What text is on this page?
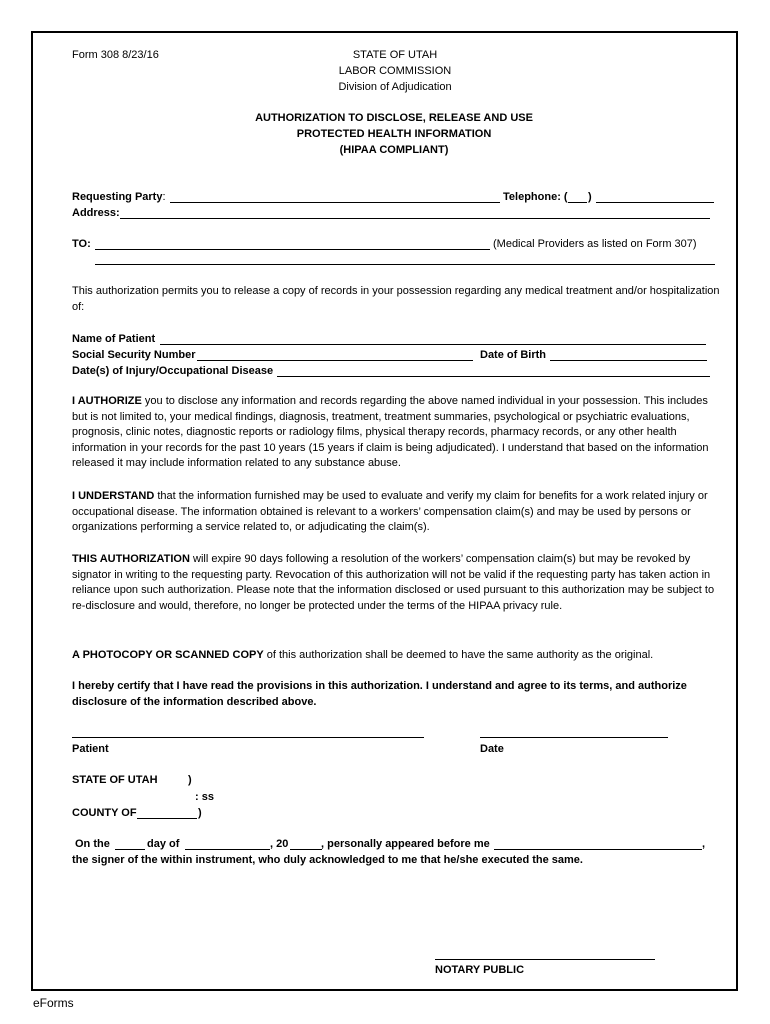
Form 308 8/23/16	STATE OF UTAH
LABOR COMMISSION
Division of Adjudication
AUTHORIZATION TO DISCLOSE, RELEASE AND USE
PROTECTED HEALTH INFORMATION
(HIPAA COMPLIANT)
Requesting Party:	Telephone: ( )
Address:
TO:	(Medical Providers as listed on Form 307)
This authorization permits you to release a copy of records in your possession regarding any medical treatment and/or hospitalization of:
Name of Patient
Social Security Number	Date of Birth
Date(s) of Injury/Occupational Disease
I AUTHORIZE you to disclose any information and records regarding the above named individual in your possession. This includes but is not limited to, your medical findings, diagnosis, treatment, treatment summaries, psychological or psychiatric evaluations, prognosis, clinic notes, diagnostic reports or radiology films, physical therapy records, pharmacy records, or any other health information in your records for the past 10 years (15 years if claim is being adjudicated). I understand that based on the information released it may include information related to any substance abuse.
I UNDERSTAND that the information furnished may be used to evaluate and verify my claim for benefits for a work related injury or occupational disease. The information obtained is relevant to a workers’ compensation claim(s) and may be used by persons or organizations performing a service related to, or adjudicating the claim(s).
THIS AUTHORIZATION will expire 90 days following a resolution of the workers’ compensation claim(s) but may be revoked by signator in writing to the requesting party. Revocation of this authorization will not be valid if the requesting party has taken action in reliance upon such authorization. Please note that the information disclosed or used pursuant to this authorization may be subject to re-disclosure and would, therefore, no longer be protected under the terms of the HIPAA privacy rule.
A PHOTOCOPY OR SCANNED COPY of this authorization shall be deemed to have the same authority as the original.
I hereby certify that I have read the provisions in this authorization. I understand and agree to its terms, and authorize disclosure of the information described above.
Patient	Date
STATE OF UTAH	)
: ss
COUNTY OF	)
On the	day of	, 20	, personally appeared before me	,
the signer of the within instrument, who duly acknowledged to me that he/she executed the same.
NOTARY PUBLIC
eForms
